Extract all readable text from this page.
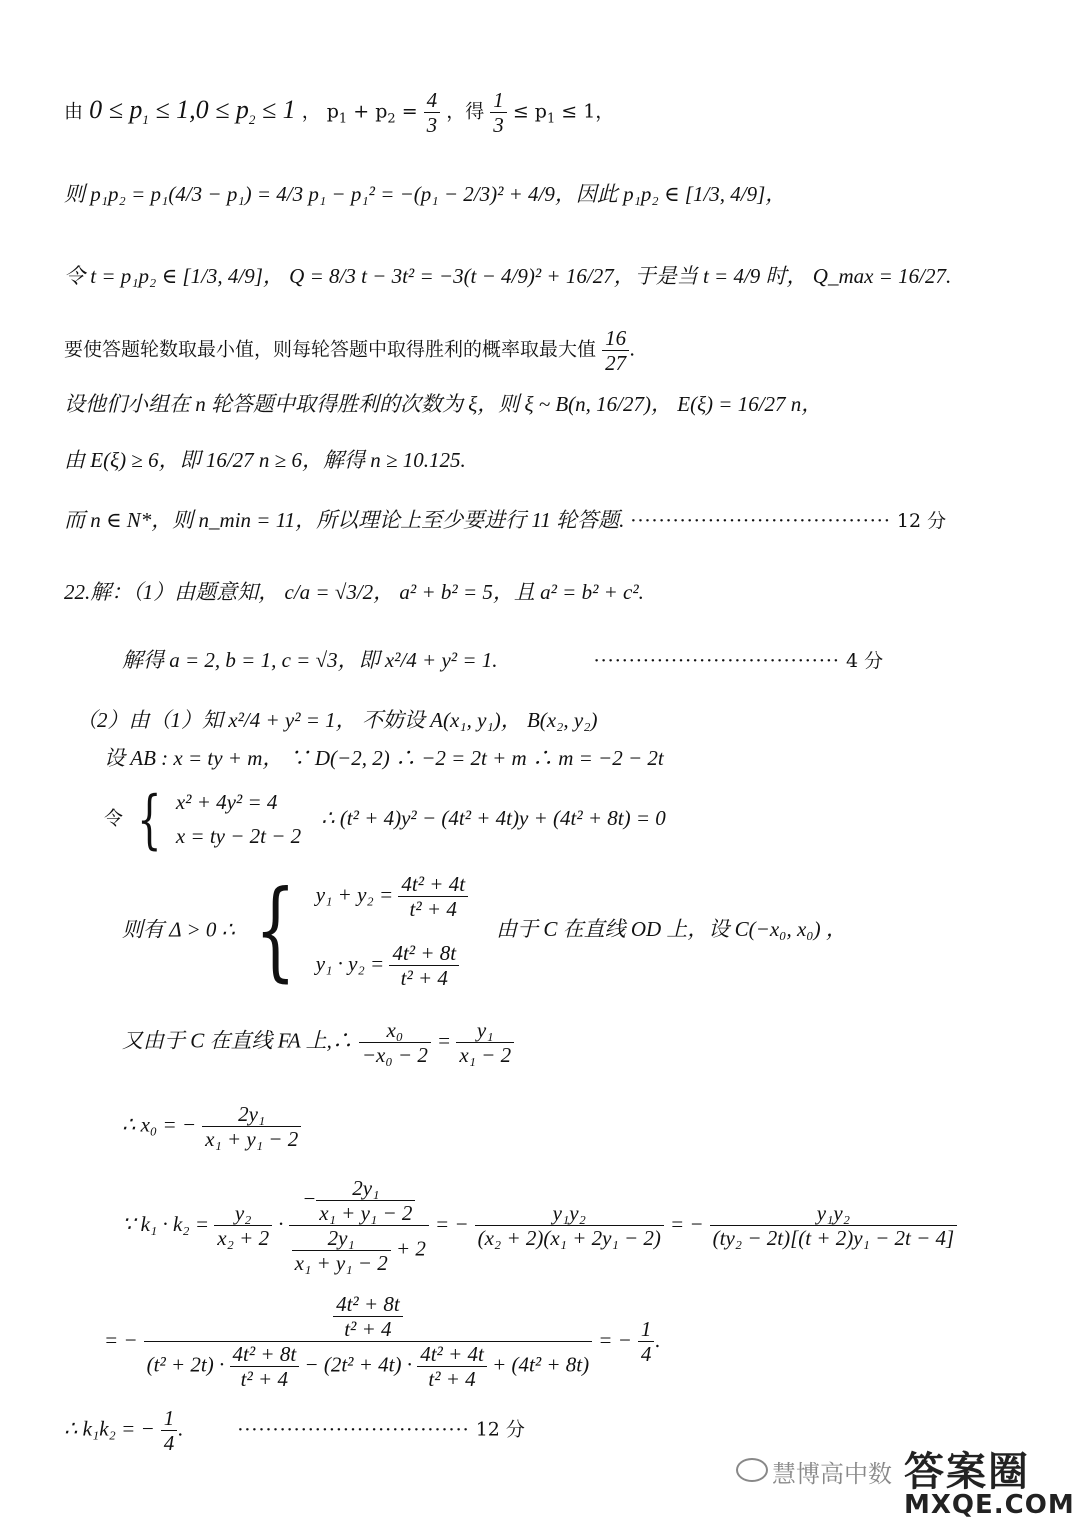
由 $0 \le p_1 \le 1,0 \le p_2 \le 1$ ， $p_1 + p_2 = \frac{4}{3}$ ，得 $\frac{1}{3} \le p_1 \le 1$，
则 p₁p₂ = p₁(4/3 − p₁) = 4/3 p₁ − p₁² = −(p₁ − 2/3)² + 4/9，因此 p₁p₂ ∈ [1/3, 4/9]，
令 t = p₁p₂ ∈ [1/3, 4/9]， Q = 8/3 t − 3t² = −3(t − 4/9)² + 16/27，于是当 t = 4/9 时， Q_max = 16/27.
要使答题轮数取最小值，则每轮答题中取得胜利的概率取最大值 $\frac{16}{27}$ .
设他们小组在 n 轮答题中取得胜利的次数为 ξ，则 ξ ~ B(n, 16/27)， E(ξ) = 16/27 n，
由 E(ξ) ≥ 6，即 16/27 n ≥ 6，解得 n ≥ 10.125.
而 n ∈ N*，则 n_min = 11，所以理论上至少要进行 11 轮答题. ····································· 12 分
22.解：（1）由题意知， c/a = √3/2， a² + b² = 5，且 a² = b² + c².
解得 a = 2, b = 1, c = √3，即 x²/4 + y² = 1.	··································· 4 分
（2）由（1）知 x²/4 + y² = 1， 不妨设 A(x₁, y₁)， B(x₂, y₂)
设 AB : x = ty + m， ∵ D(−2, 2) ∴ −2 = 2t + m ∴ m = −2 − 2t
令 { x² + 4y² = 4
x = ty − 2t − 2
∴ (t² + 4)y² − (4t² + 4t)y + (4t² + 8t) = 0
则有 Δ > 0 ∴ { $y_1 + y_2 = \frac{\text{4t² + 4t}}{\text{t² + 4}}$
$y_1 \cdot y_2 = \frac{\text{4t² + 8t}}{\text{t² + 4}}$
由于 C 在直线 OD 上，设 C(−x₀, x₀) ，
又由于 C 在直线 FA 上,∴ $\frac{\text{x₀}}{\text{−x₀ − 2}} = \frac{\text{y₁}}{\text{x₁ − 2}}$
∴ x₀ = − $\frac{\text{2y₁}}{\text{x₁ + y₁ − 2}}$
∵ $k_1 \cdot k_2 = \frac{\text{y₂}}{\text{x₂ + 2}} \cdot \frac{- \frac{\text{2y₁}}{\text{x₁ + y₁ − 2}}}{\frac{\text{2y₁}}{\text{x₁ + y₁ − 2}} + 2}$ = − $\frac{\text{y₁y₂}}{\text{(x₂ + 2)(x₁ + 2y₁ − 2)}}$ = − $\frac{\text{y₁y₂}}{\text{(ty₂ − 2t)[(t + 2)y₁ − 2t − 4]}}$
= −	$\frac{\text{4t² + 8t}}{\text{t² + 4}}$
$(t^2 + 2t) \cdot \frac{\text{4t² + 8t}}{\text{t² + 4}} - (2t^2 + 4t) \cdot \frac{\text{4t² + 4t}}{\text{t² + 4}} + (4t^2 + 8t)$
= − $\frac{1}{4}$ .
∴ k₁k₂ = − $\frac{1}{4}$ .	································· 12 分
慧博高中数 答案圈
MXQE.COM
